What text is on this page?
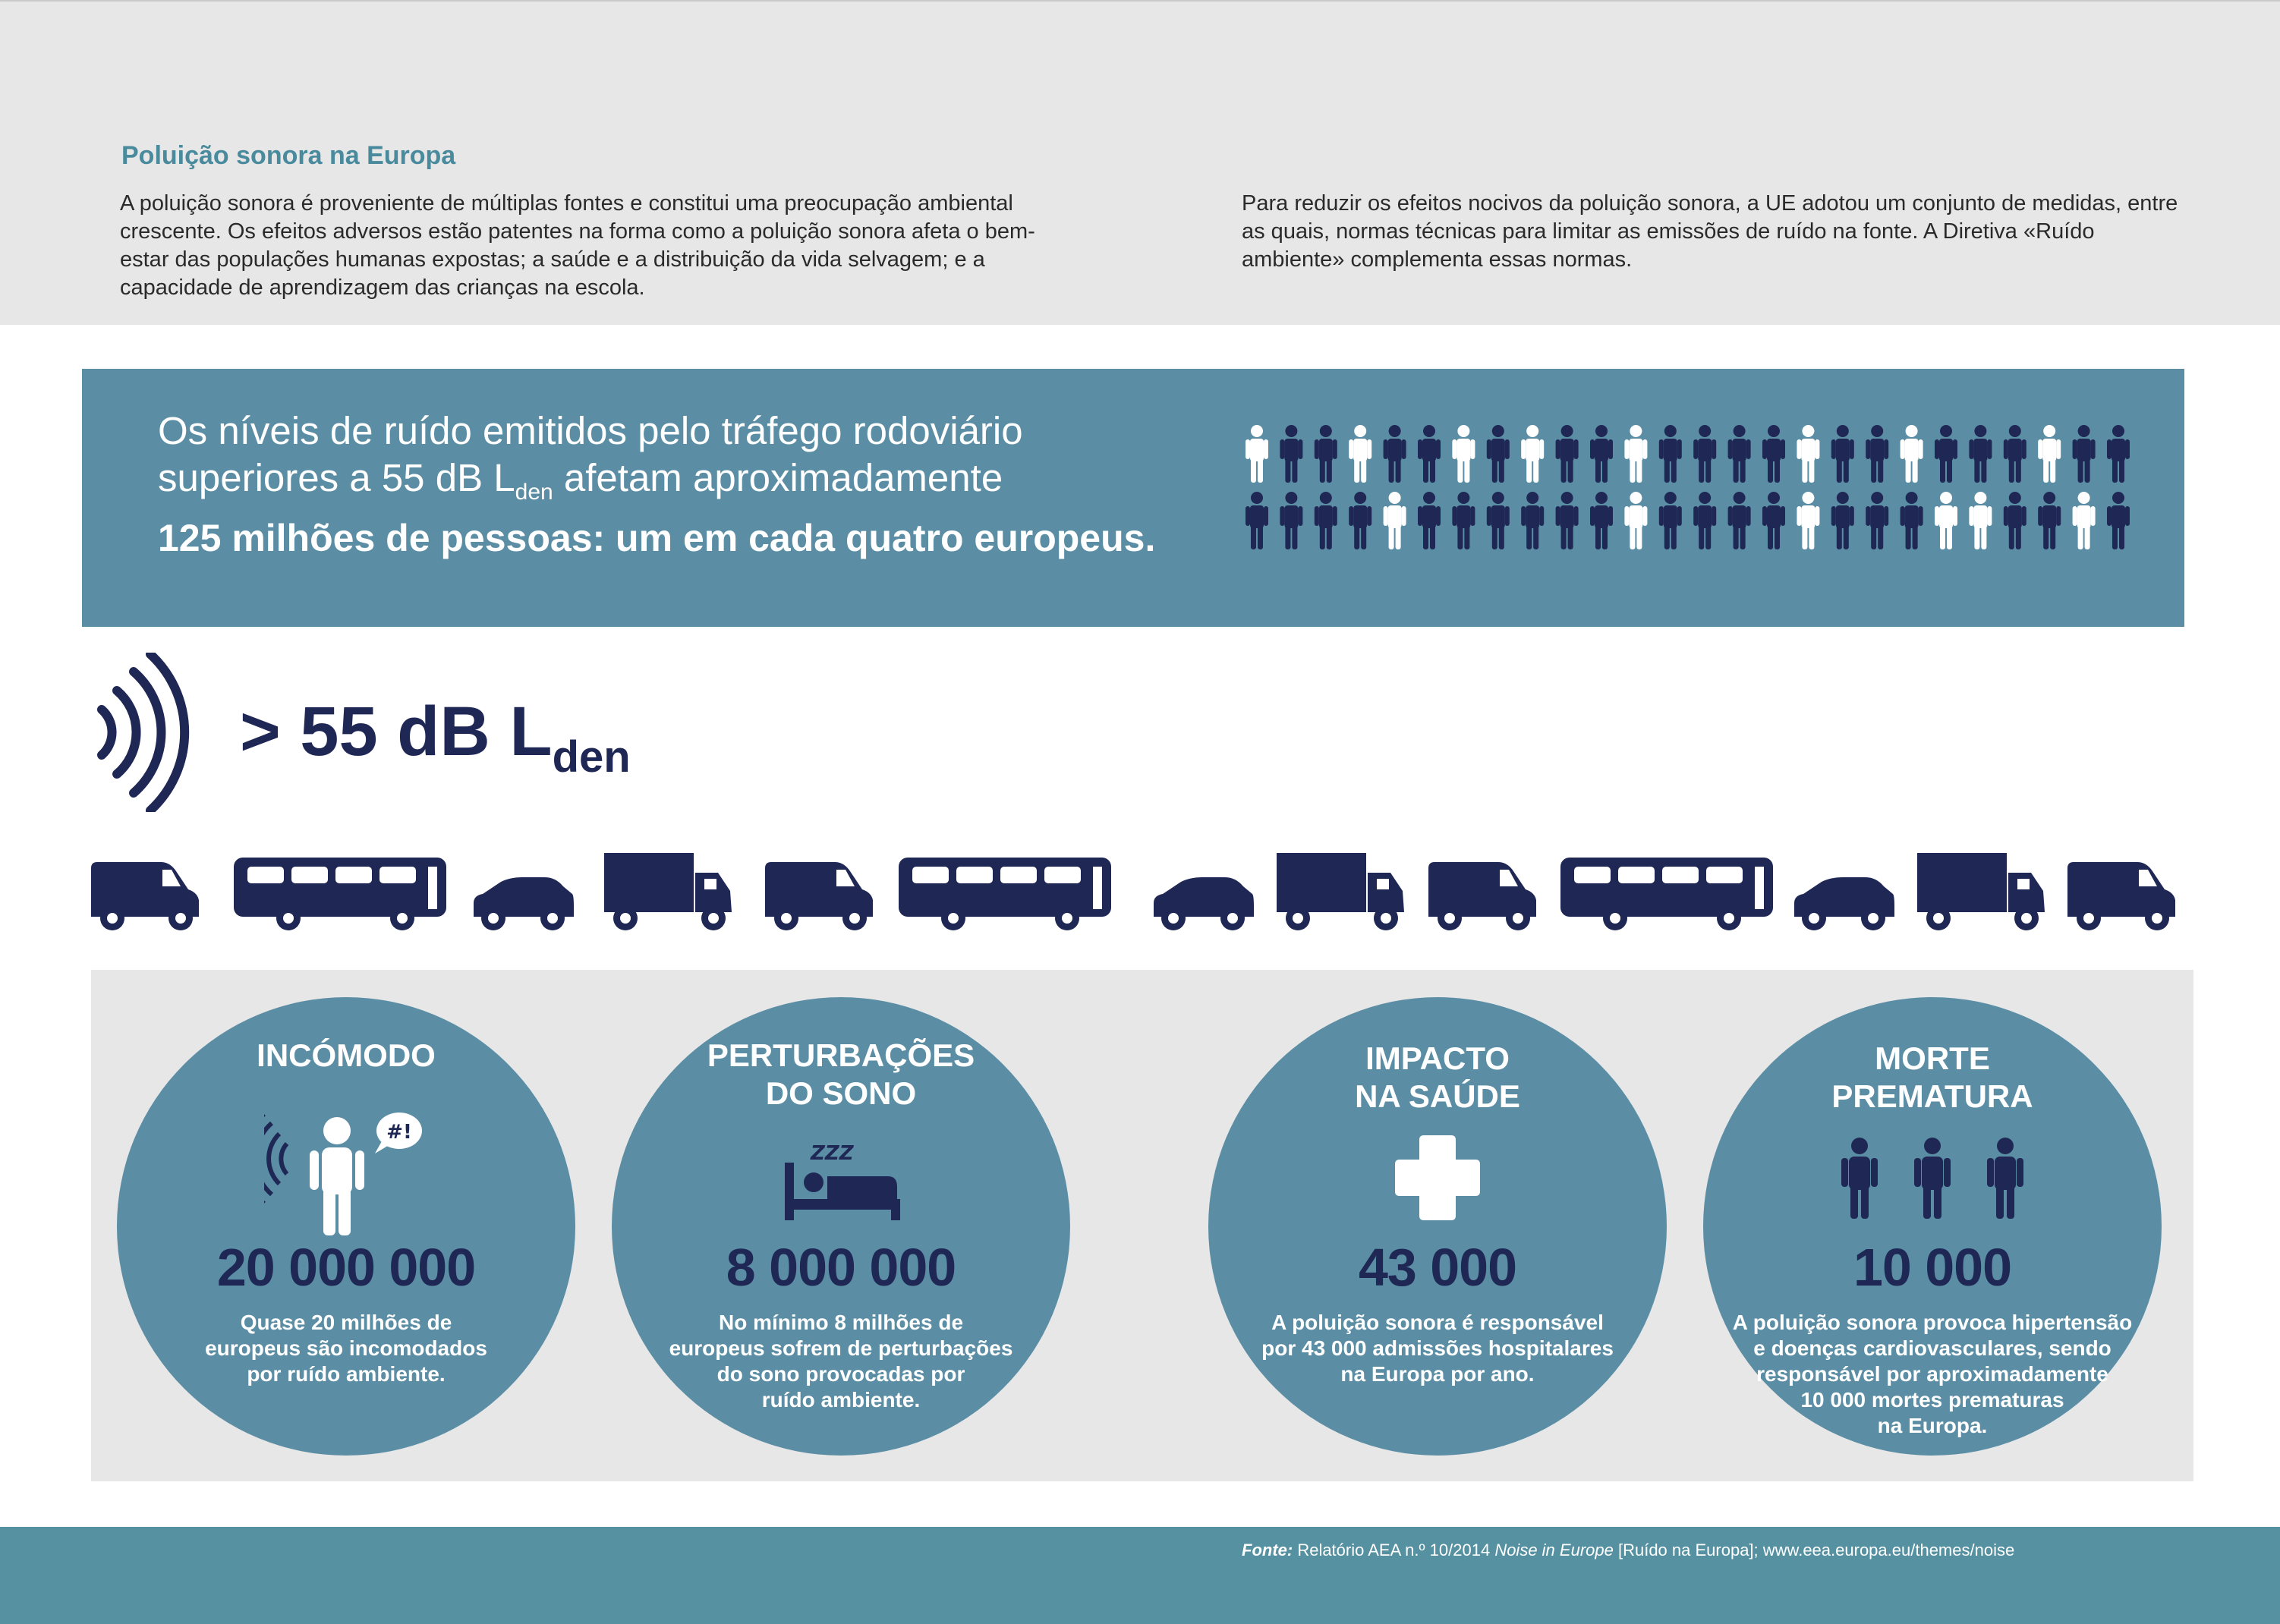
Poluição sonora na Europa
A poluição sonora é proveniente de múltiplas fontes e constitui uma preocupação ambiental crescente. Os efeitos adversos estão patentes na forma como a poluição sonora afeta o bem-estar das populações humanas expostas; a saúde e a distribuição da vida selvagem; e a capacidade de aprendizagem das crianças na escola.
Para reduzir os efeitos nocivos da poluição sonora, a UE adotou um conjunto de medidas, entre as quais, normas técnicas para limitar as emissões de ruído na fonte. A Diretiva «Ruído ambiente» complementa essas normas.
Os níveis de ruído emitidos pelo tráfego rodoviário
superiores a 55 dB $L_{den}$ afetam aproximadamente
125 milhões de pessoas: um em cada quatro europeus.
> 55 dB $L_{den}$
INCÓMODO
#!
20 000 000
Quase 20 milhões de
europeus são incomodados
por ruído ambiente.
PERTURBAÇÕES
DO SONO
ZZZ
8 000 000
No mínimo 8 milhões de
europeus sofrem de perturbações
do sono provocadas por
ruído ambiente.
IMPACTO
NA SAÚDE
43 000
A poluição sonora é responsável
por 43 000 admissões hospitalares
na Europa por ano.
MORTE
PREMATURA
10 000
A poluição sonora provoca hipertensão
e doenças cardiovasculares, sendo
responsável por aproximadamente
10 000 mortes prematuras
na Europa.
Fonte: Relatório AEA n.º 10/2014 Noise in Europe [Ruído na Europa]; www.eea.europa.eu/themes/noise
